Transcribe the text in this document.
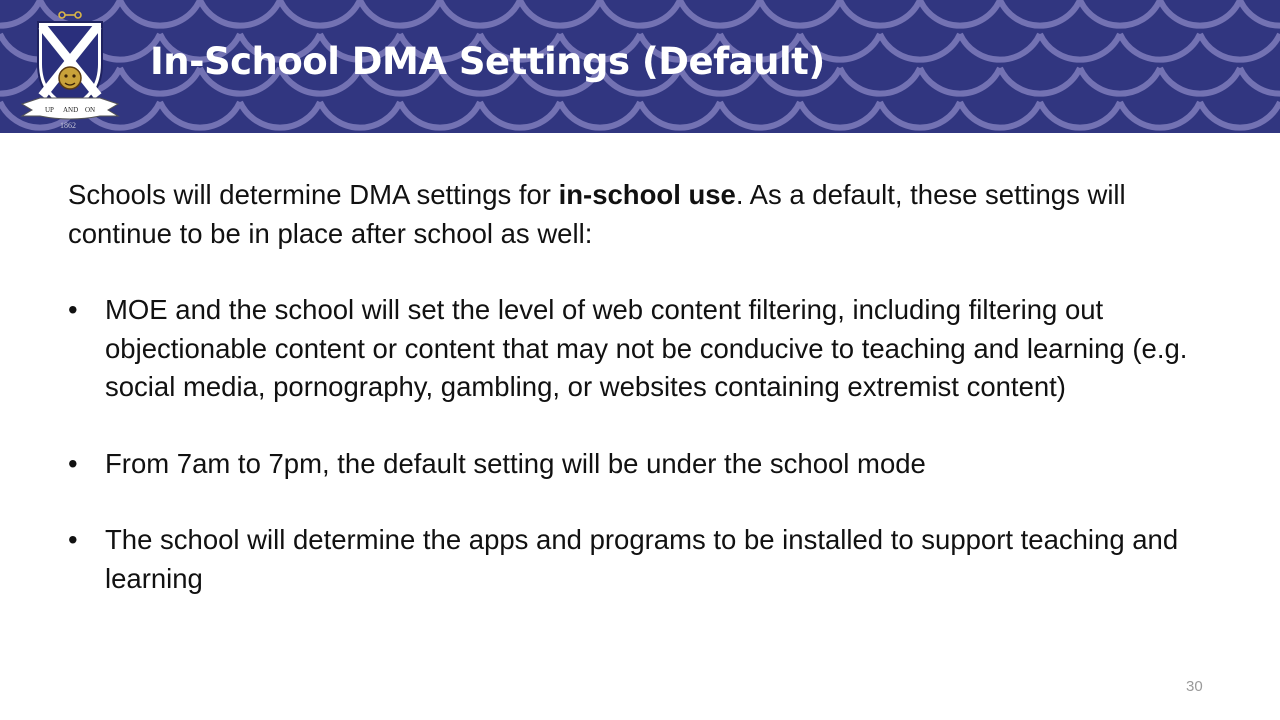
UP AND ON
1862
In-School DMA Settings (Default)

Schools will determine DMA settings for in-school use. As a default, these settings will continue to be in place after school as well:

• MOE and the school will set the level of web content filtering, including filtering out objectionable content or content that may not be conducive to teaching and learning (e.g. social media, pornography, gambling, or websites containing extremist content)
• From 7am to 7pm, the default setting will be under the school mode
• The school will determine the apps and programs to be installed to support teaching and learning
30
